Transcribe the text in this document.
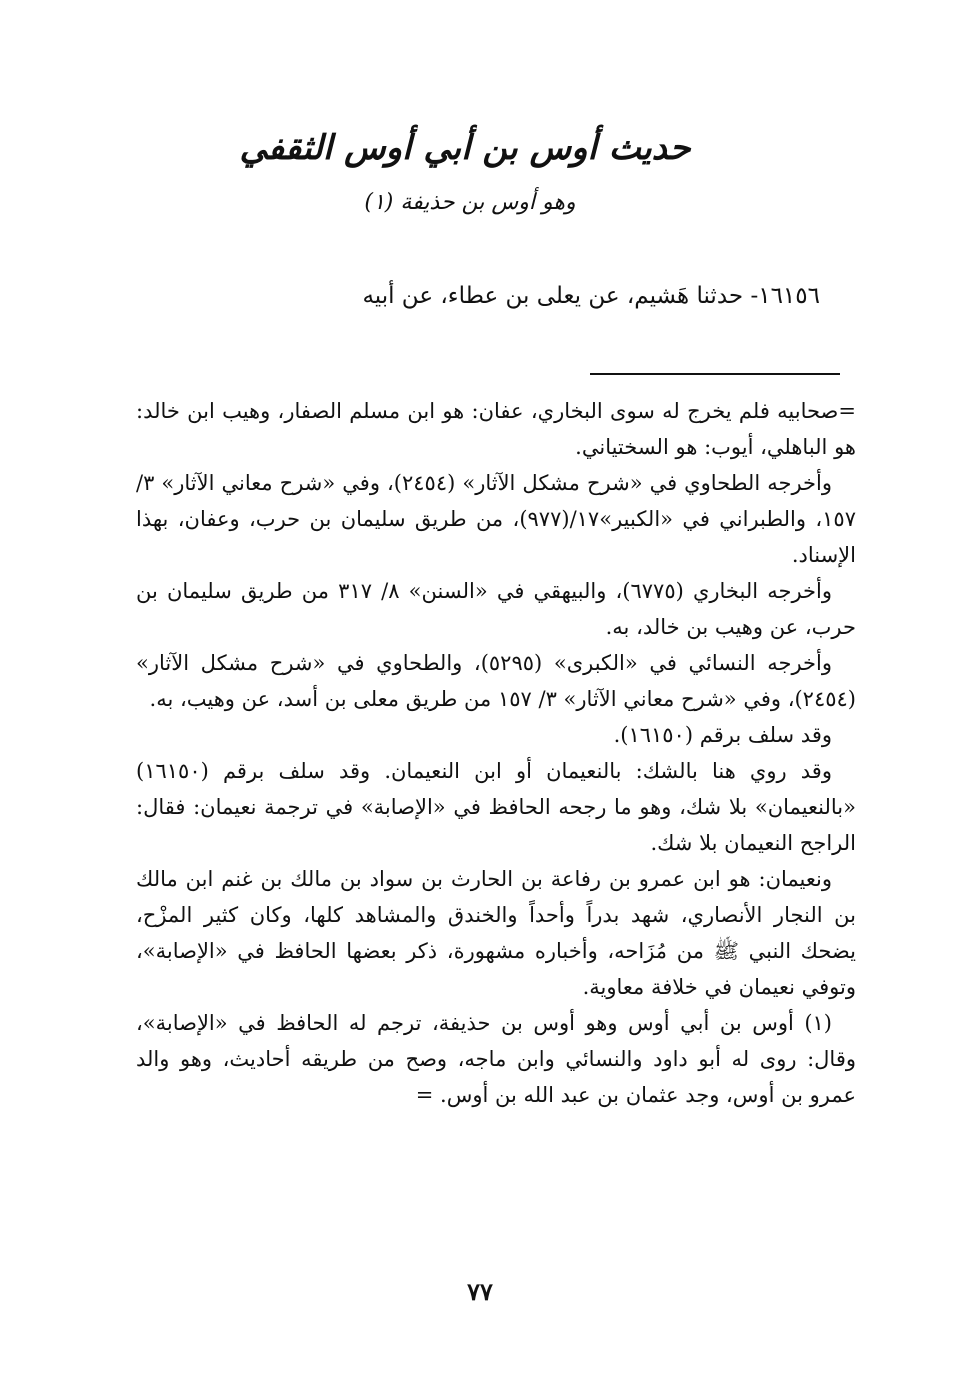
حديث أوس بن أبي أوس الثقفي
وهو أوس بن حذيفة (١)
١٦١٥٦- حدثنا هَشيم، عن يعلى بن عطاء، عن أبيه

=صحابيه فلم يخرج له سوى البخاري، عفان: هو ابن مسلم الصفار، وهيب ابن خالد: هو الباهلي، أيوب: هو السختياني.

وأخرجه الطحاوي في «شرح مشكل الآثار» (٢٤٥٤)، وفي «شرح معاني الآثار» ٣/ ١٥٧، والطبراني في «الكبير»١٧/(٩٧٧)، من طريق سليمان بن حرب، وعفان، بهذا الإسناد.

وأخرجه البخاري (٦٧٧٥)، والبيهقي في «السنن» ٨/ ٣١٧ من طريق سليمان بن حرب، عن وهيب بن خالد، به.

وأخرجه النسائي في «الكبرى» (٥٢٩٥)، والطحاوي في «شرح مشكل الآثار» (٢٤٥٤)، وفي «شرح معاني الآثار» ٣/ ١٥٧ من طريق معلى بن أسد، عن وهيب، به.

وقد سلف برقم (١٦١٥٠).

وقد روي هنا بالشك: بالنعيمان أو ابن النعيمان. وقد سلف برقم (١٦١٥٠) «بالنعيمان» بلا شك، وهو ما رجحه الحافظ في «الإصابة» في ترجمة نعيمان: فقال: الراجح النعيمان بلا شك.

ونعيمان: هو ابن عمرو بن رفاعة بن الحارث بن سواد بن مالك بن غنم ابن مالك بن النجار الأنصاري، شهد بدراً وأحداً والخندق والمشاهد كلها، وكان كثير المزْح، يضحك النبي ﷺ من مُزَاحه، وأخباره مشهورة، ذكر بعضها الحافظ في «الإصابة»، وتوفي نعيمان في خلافة معاوية.

(١) أوس بن أبي أوس وهو أوس بن حذيفة، ترجم له الحافظ في «الإصابة»، وقال: روى له أبو داود والنسائي وابن ماجه، وصح من طريقه أحاديث، وهو والد عمرو بن أوس، وجد عثمان بن عبد الله بن أوس. =

٧٧
